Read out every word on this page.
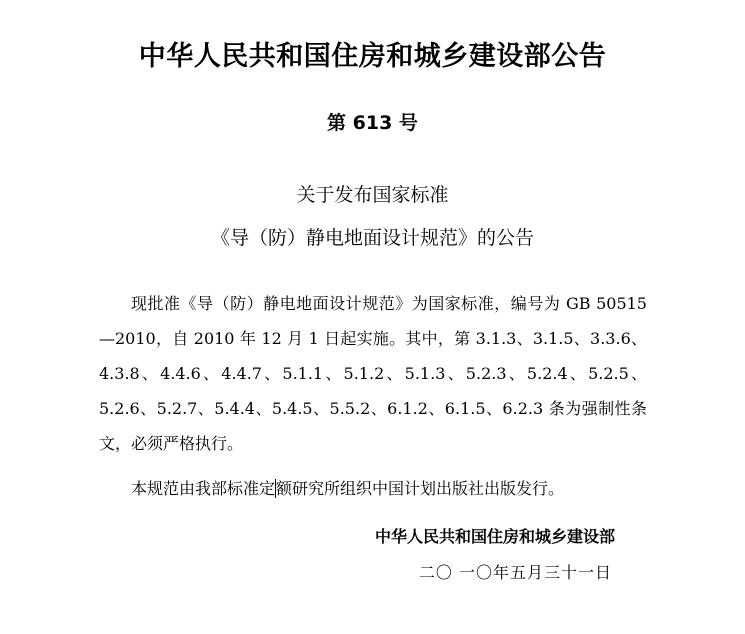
中华人民共和国住房和城乡建设部公告
第 613 号
关于发布国家标准
《导（防）静电地面设计规范》的公告
现批准《导（防）静电地面设计规范》为国家标准，编号为 GB 50515—2010，自 2010 年 12 月 1 日起实施。其中，第 3.1.3、3.1.5、3.3.6、4.3.8、4.4.6、4.4.7、5.1.1、5.1.2、5.1.3、5.2.3、5.2.4、5.2.5、5.2.6、5.2.7、5.4.4、5.4.5、5.5.2、6.1.2、6.1.5、6.2.3 条为强制性条文，必须严格执行。
本规范由我部标准定额研究所组织中国计划出版社出版发行。
中华人民共和国住房和城乡建设部
二〇 一〇年五月三十一日
